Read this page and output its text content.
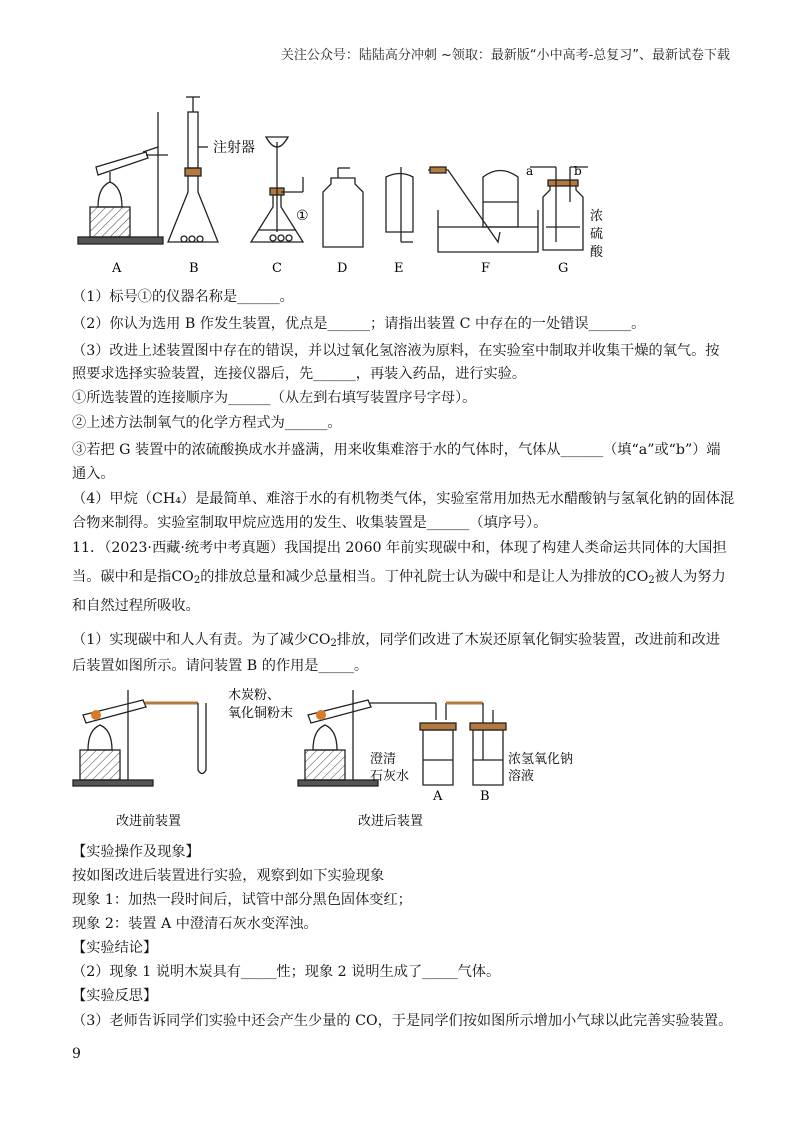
关注公众号：陆陆高分冲刺 ~领取：最新版“小中高考-总复习”、最新试卷下载
注射器
①
a	b
浓
硫
酸
A	B	C	D	E	F	G
（1）标号①的仪器名称是______。
（2）你认为选用 B 作发生装置，优点是______；请指出装置 C 中存在的一处错误______。
（3）改进上述装置图中存在的错误，并以过氧化氢溶液为原料，在实验室中制取并收集干燥的氧气。按
照要求选择实验装置，连接仪器后，先______，再装入药品，进行实验。
①所选装置的连接顺序为______（从左到右填写装置序号字母）。
②上述方法制氧气的化学方程式为______。
③若把 G 装置中的浓硫酸换成水并盛满，用来收集难溶于水的气体时，气体从______（填“a”或“b”）端
通入。
（4）甲烷（CH₄）是最简单、难溶于水的有机物类气体，实验室常用加热无水醋酸钠与氢氧化钠的固体混
合物来制得。实验室制取甲烷应选用的发生、收集装置是______（填序号）。
11．（2023·西藏·统考中考真题）我国提出 2060 年前实现碳中和，体现了构建人类命运共同体的大国担
当。碳中和是指$CO_2$的排放总量和减少总量相当。丁仲礼院士认为碳中和是让人为排放的$CO_2$被人为努力
和自然过程所吸收。
（1）实现碳中和人人有责。为了减少$CO_2$排放，同学们改进了木炭还原氧化铜实验装置，改进前和改进
后装置如图所示。请问装置 B 的作用是_____。
木炭粉、
氧化铜粉末
澄清
石灰水
浓氢氧化钠
溶液
A	B
改进前装置	改进后装置
【实验操作及现象】
按如图改进后装置进行实验，观察到如下实验现象
现象 1：加热一段时间后，试管中部分黑色固体变红；
现象 2：装置 A 中澄清石灰水变浑浊。
【实验结论】
（2）现象 1 说明木炭具有_____性；现象 2 说明生成了_____气体。
【实验反思】
（3）老师告诉同学们实验中还会产生少量的 CO，于是同学们按如图所示增加小气球以此完善实验装置。
9
